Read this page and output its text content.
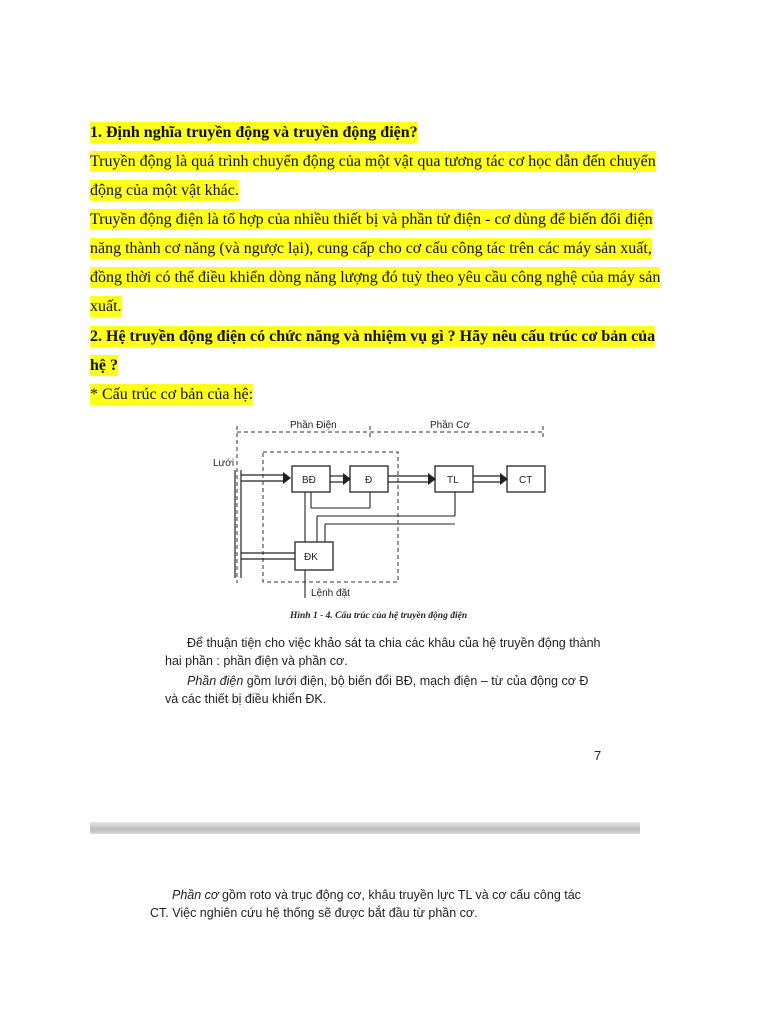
1. Định nghĩa truyền động và truyền động điện?
Truyền động là quá trình chuyển động của một vật qua tương tác cơ học dẫn đến chuyển
động của một vật khác.
Truyền động điện là tổ hợp của nhiều thiết bị và phần tử điện - cơ dùng để biến đổi điện
năng thành cơ năng (và ngược lại), cung cấp cho cơ cấu công tác trên các máy sản xuất,
đồng thời có thể điều khiển dòng năng lượng đó tuỳ theo yêu cầu công nghệ của máy sản
xuất.
2. Hệ truyền động điện có chức năng và nhiệm vụ gì ? Hãy nêu cấu trúc cơ bản của
hệ ?
* Cấu trúc cơ bản của hệ:
Phần Điện	Phần Cơ
Lưới
BĐ	Đ	TL	CT
ĐK
Lệnh đặt
Hình 1 - 4. Cấu trúc của hệ truyền động điện
Để thuận tiện cho việc khảo sát ta chia các khâu của hệ truyền động thành
hai phần : phần điện và phần cơ.
Phần điện gồm lưới điện, bộ biến đổi BĐ, mạch điện – từ của động cơ Đ
và các thiết bị điều khiển ĐK.
7
Phần cơ gồm roto và trục động cơ, khâu truyền lực TL và cơ cấu công tác
CT. Việc nghiên cứu hệ thống sẽ được bắt đầu từ phần cơ.
